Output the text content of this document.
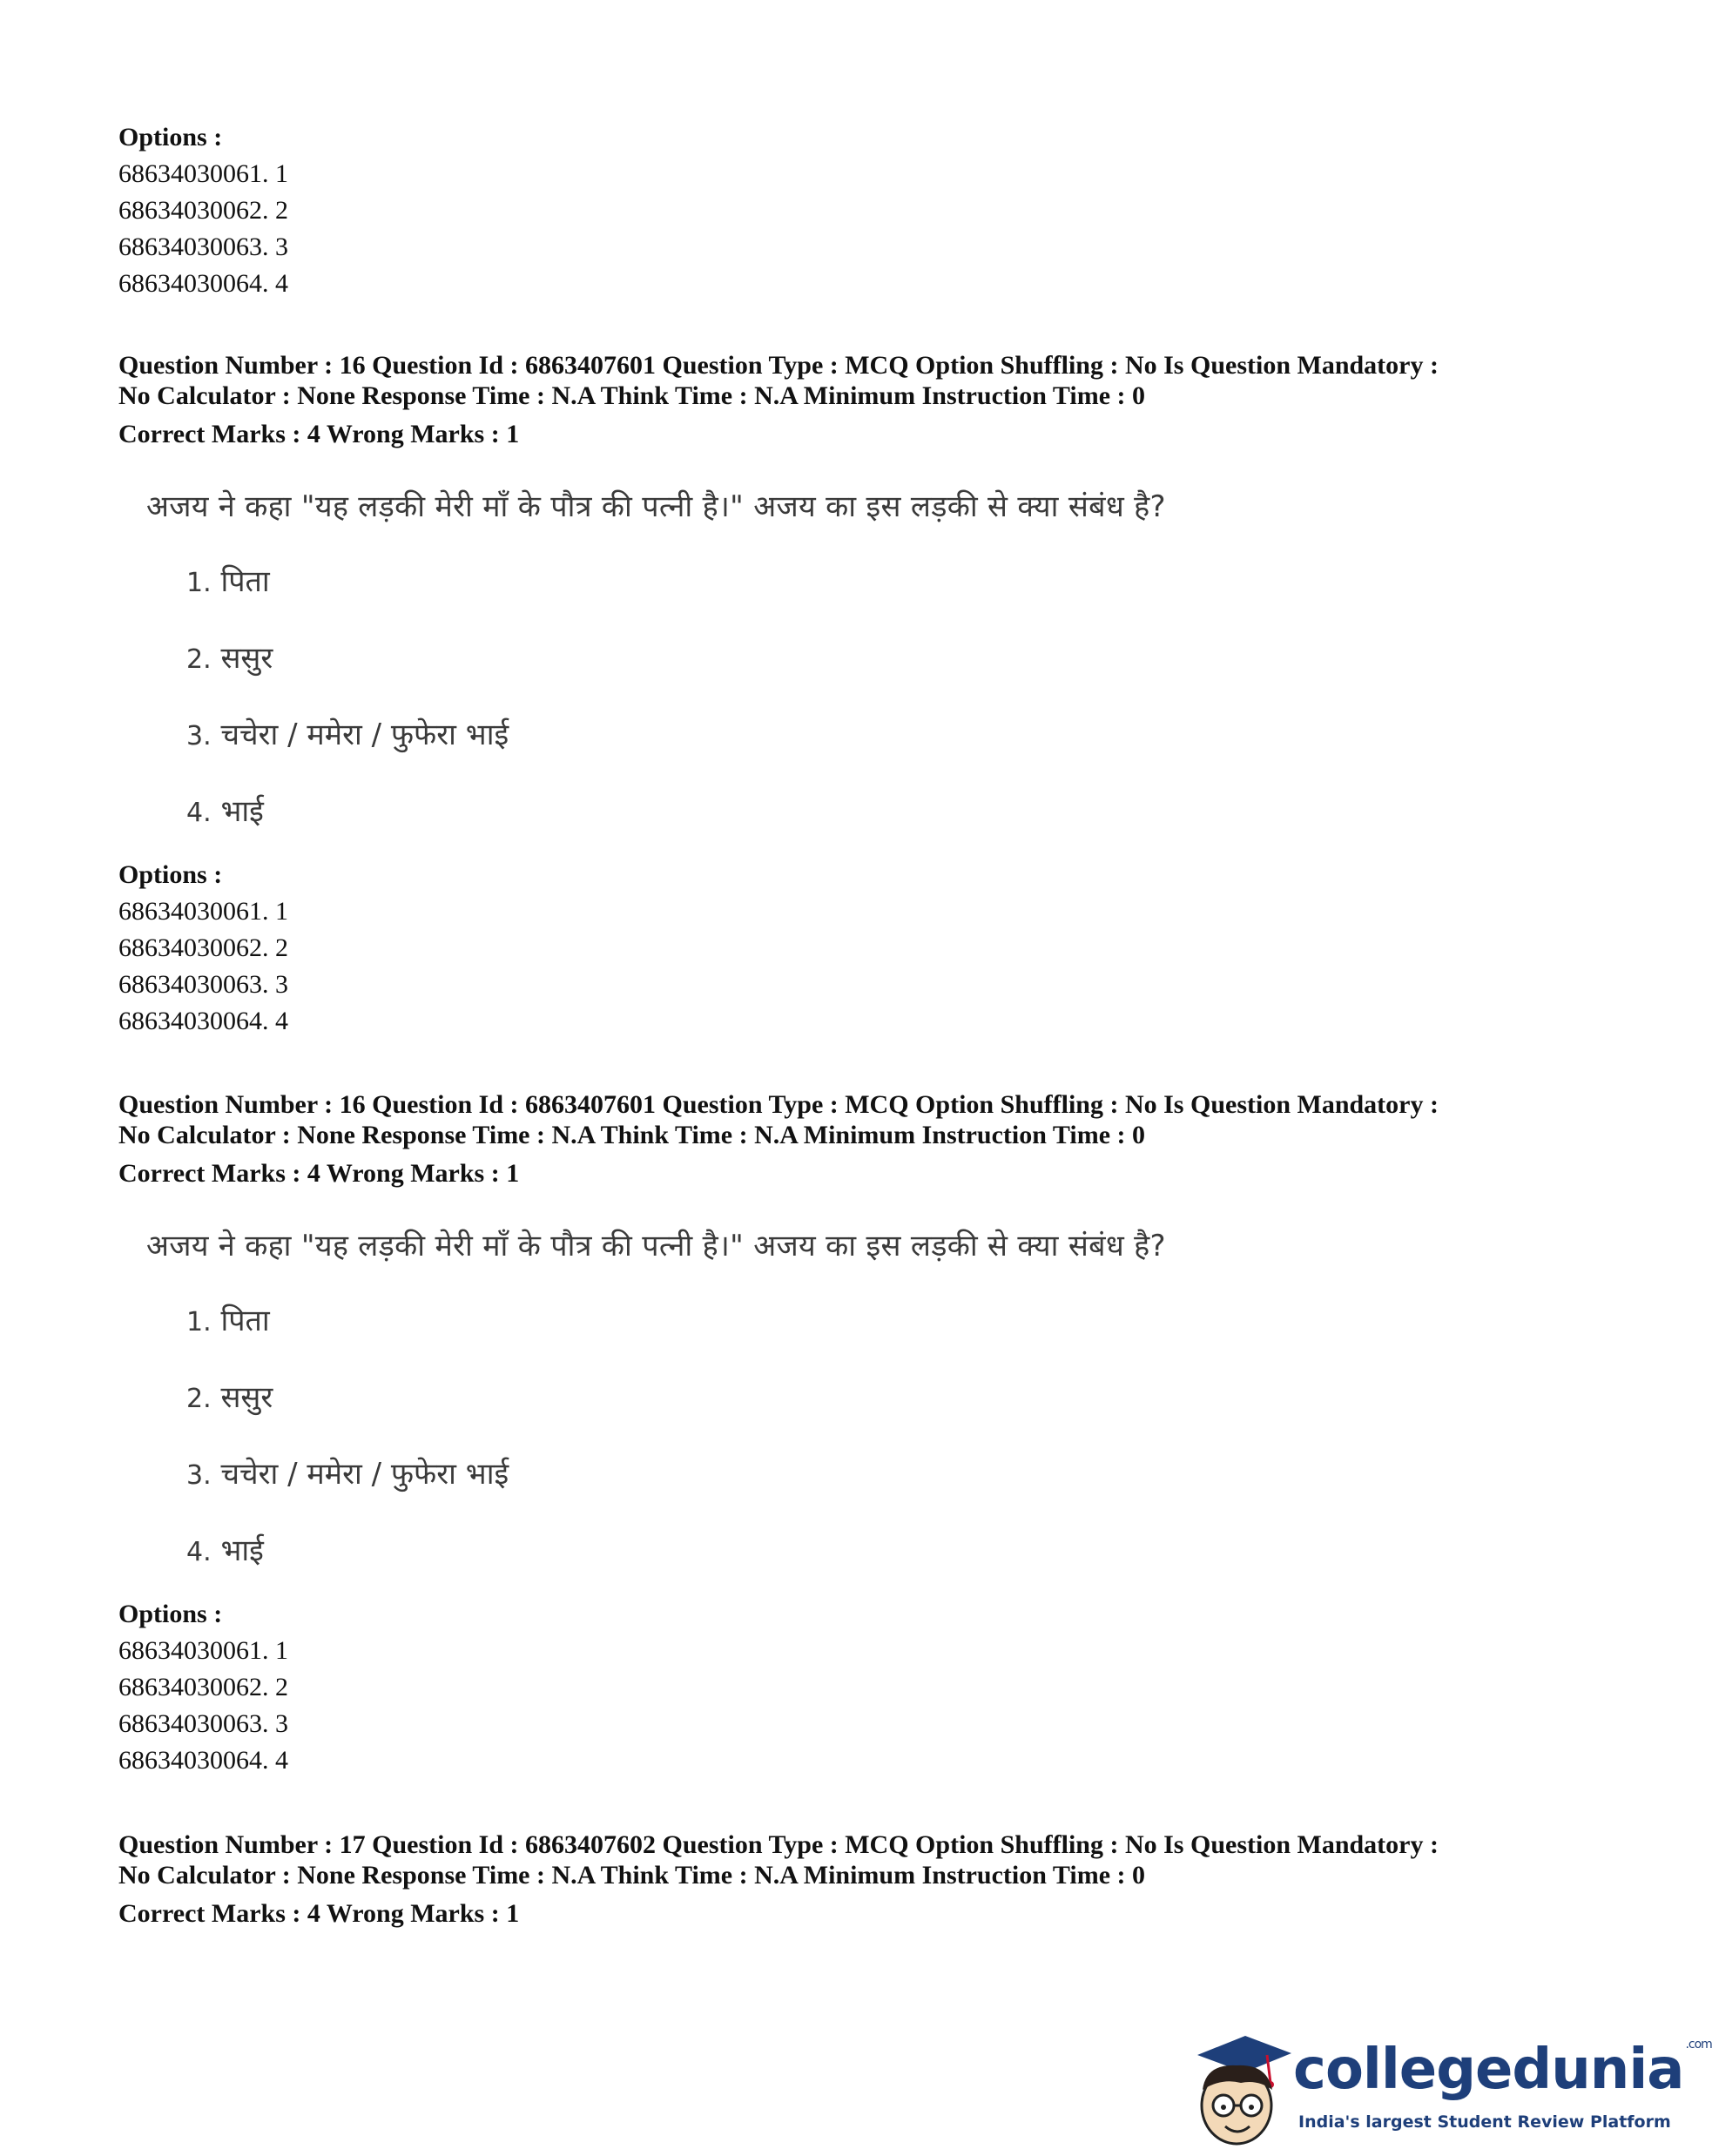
Options :
68634030061. 1
68634030062. 2
68634030063. 3
68634030064. 4
Question Number : 16 Question Id : 6863407601 Question Type : MCQ Option Shuffling : No Is Question Mandatory :
No Calculator : None Response Time : N.A Think Time : N.A Minimum Instruction Time : 0
Correct Marks : 4 Wrong Marks : 1
अजय ने कहा "यह लड़की मेरी माँ के पौत्र की पत्नी है।" अजय का इस लड़की से क्या संबंध है?
1. पिता
2. ससुर
3. चचेरा / ममेरा / फुफेरा भाई
4. भाई
Options :
68634030061. 1
68634030062. 2
68634030063. 3
68634030064. 4
Question Number : 16 Question Id : 6863407601 Question Type : MCQ Option Shuffling : No Is Question Mandatory :
No Calculator : None Response Time : N.A Think Time : N.A Minimum Instruction Time : 0
Correct Marks : 4 Wrong Marks : 1
अजय ने कहा "यह लड़की मेरी माँ के पौत्र की पत्नी है।" अजय का इस लड़की से क्या संबंध है?
1. पिता
2. ससुर
3. चचेरा / ममेरा / फुफेरा भाई
4. भाई
Options :
68634030061. 1
68634030062. 2
68634030063. 3
68634030064. 4
Question Number : 17 Question Id : 6863407602 Question Type : MCQ Option Shuffling : No Is Question Mandatory :
No Calculator : None Response Time : N.A Think Time : N.A Minimum Instruction Time : 0
Correct Marks : 4 Wrong Marks : 1
collegedunia $^{.com}$
India's largest Student Review Platform
